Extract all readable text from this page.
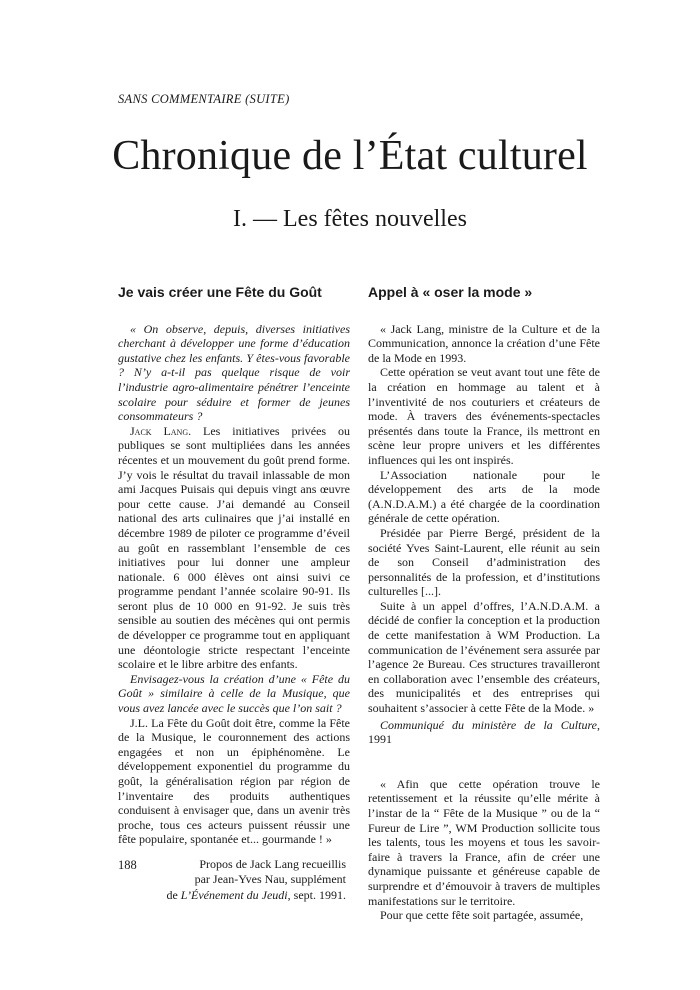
SANS COMMENTAIRE (SUITE)
Chronique de l’État culturel
I. — Les fêtes nouvelles
Je vais créer une Fête du Goût

« On observe, depuis, diverses initiatives cherchant à développer une forme d’éducation gustative chez les enfants. Y êtes-vous favorable ? N’y a-t-il pas quelque risque de voir l’industrie agro-alimentaire pénétrer l’enceinte scolaire pour séduire et former de jeunes consommateurs ?

Jack Lang. Les initiatives privées ou publiques se sont multipliées dans les années récentes et un mouvement du goût prend forme. J’y vois le résultat du travail inlassable de mon ami Jacques Puisais qui depuis vingt ans œuvre pour cette cause. J’ai demandé au Conseil national des arts culinaires que j’ai installé en décembre 1989 de piloter ce programme d’éveil au goût en rassemblant l’ensemble de ces initiatives pour lui donner une ampleur nationale. 6 000 élèves ont ainsi suivi ce programme pendant l’année scolaire 90-91. Ils seront plus de 10 000 en 91-92. Je suis très sensible au soutien des mécènes qui ont permis de développer ce programme tout en appliquant une déontologie stricte respectant l’enceinte scolaire et le libre arbitre des enfants.

Envisagez-vous la création d’une « Fête du Goût » similaire à celle de la Musique, que vous avez lancée avec le succès que l’on sait ?

J.L. La Fête du Goût doit être, comme la Fête de la Musique, le couronnement des actions engagées et non un épiphénomène. Le développement exponentiel du programme du goût, la généralisation région par région de l’inventaire des produits authentiques conduisent à envisager que, dans un avenir très proche, tous ces acteurs puissent réussir une fête populaire, spontanée et... gourmande ! »

Propos de Jack Lang recueillis
par Jean-Yves Nau, supplément
de L’Événement du Jeudi, sept. 1991.

Appel à « oser la mode »

« Jack Lang, ministre de la Culture et de la Communication, annonce la création d’une Fête de la Mode en 1993.

Cette opération se veut avant tout une fête de la création en hommage au talent et à l’inventivité de nos couturiers et créateurs de mode. À travers des événements-spectacles présentés dans toute la France, ils mettront en scène leur propre univers et les différentes influences qui les ont inspirés.

L’Association nationale pour le développement des arts de la mode (A.N.D.A.M.) a été chargée de la coordination générale de cette opération.

Présidée par Pierre Bergé, président de la société Yves Saint-Laurent, elle réunit au sein de son Conseil d’administration des personnalités de la profession, et d’institutions culturelles [...].

Suite à un appel d’offres, l’A.N.D.A.M. a décidé de confier la conception et la production de cette manifestation à WM Production. La communication de l’événement sera assurée par l’agence 2e Bureau. Ces structures travailleront en collaboration avec l’ensemble des créateurs, des municipalités et des entreprises qui souhaitent s’associer à cette Fête de la Mode. »

Communiqué du ministère de la Culture, 1991

« Afin que cette opération trouve le retentissement et la réussite qu’elle mérite à l’instar de la “ Fête de la Musique ” ou de la “ Fureur de Lire ”, WM Production sollicite tous les talents, tous les moyens et tous les savoir-faire à travers la France, afin de créer une dynamique puissante et généreuse capable de surprendre et d’émouvoir à travers de multiples manifestations sur le territoire.

Pour que cette fête soit partagée, assumée,

188
